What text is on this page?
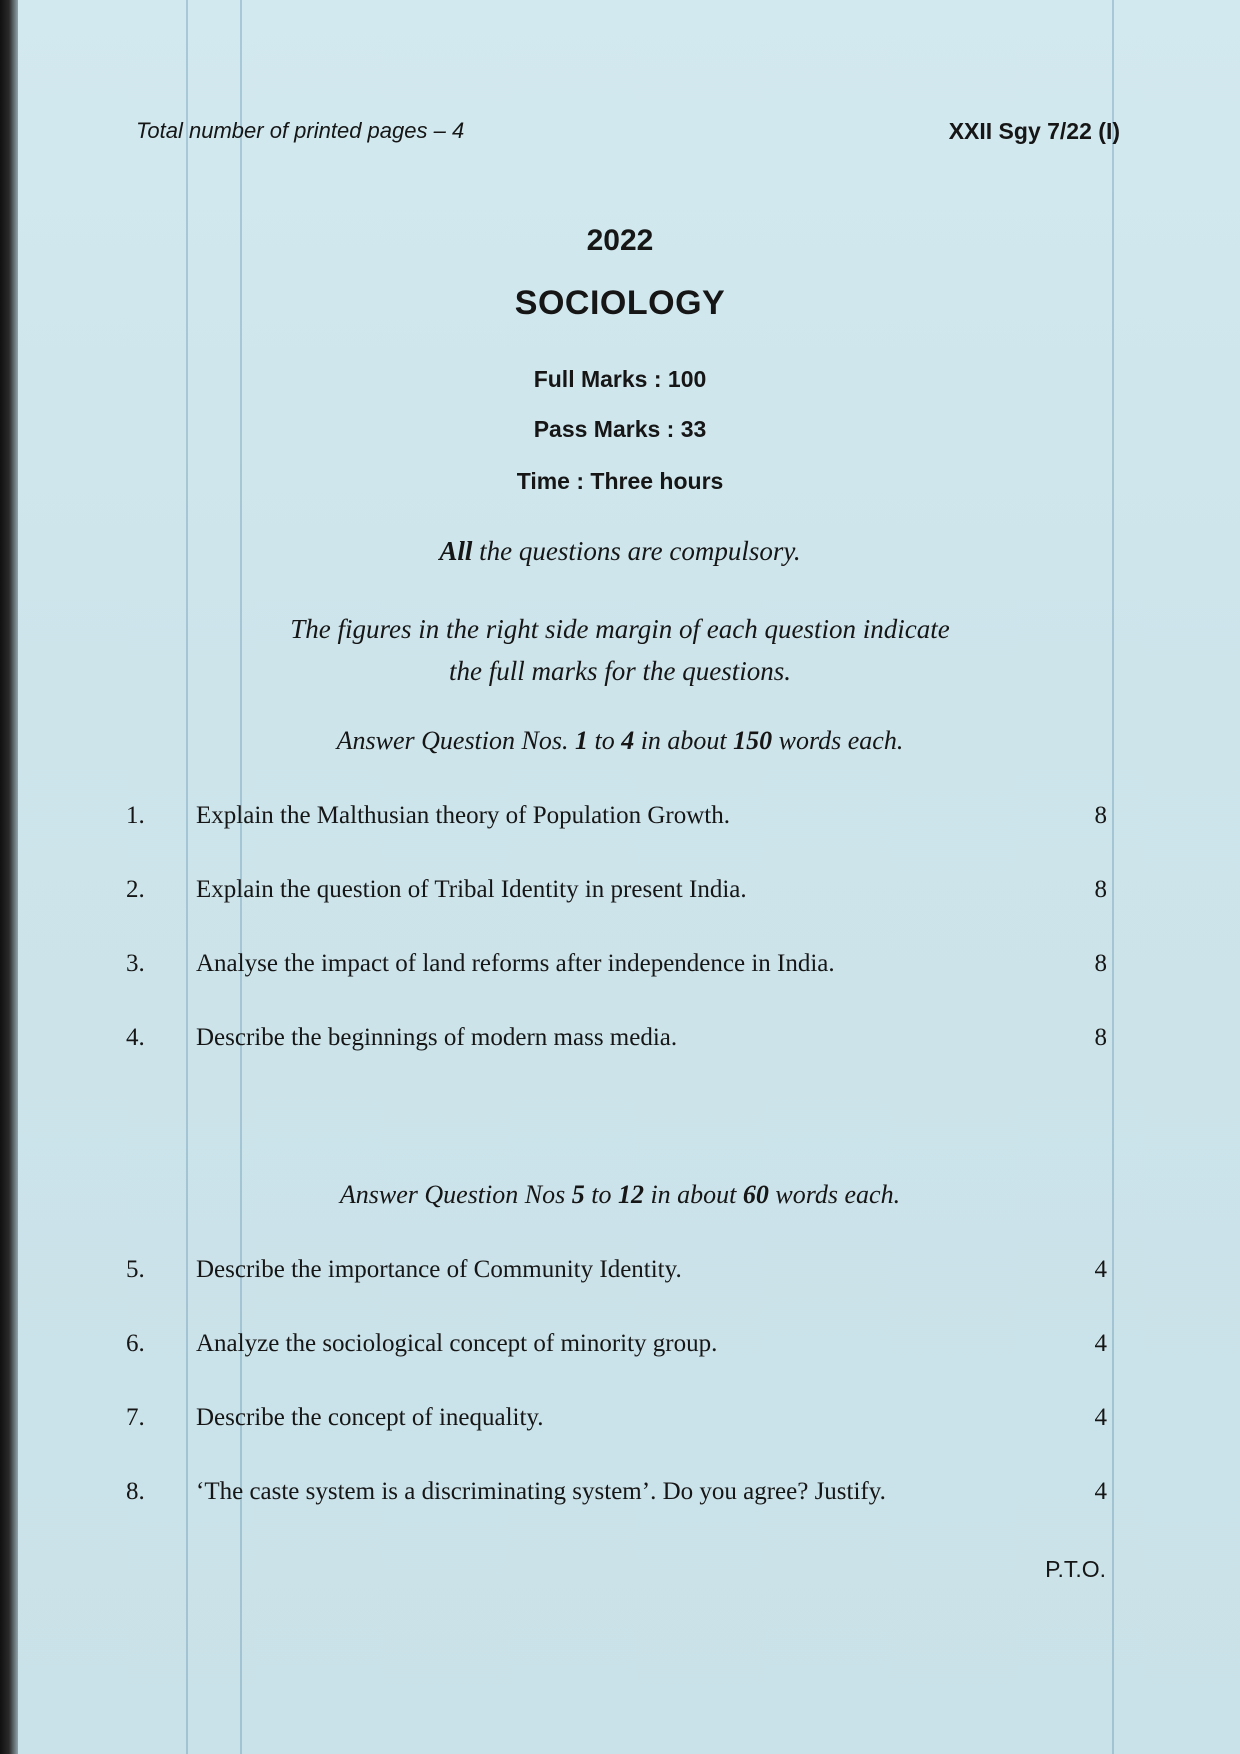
Total number of printed pages – 4	XXII Sgy 7/22 (I)
2022
SOCIOLOGY
Full Marks : 100
Pass Marks : 33
Time : Three hours
All the questions are compulsory.
The figures in the right side margin of each question indicate
the full marks for the questions.
Answer Question Nos. 1 to 4 in about 150 words each.
1. Explain the Malthusian theory of Population Growth.	8
2. Explain the question of Tribal Identity in present India.	8
3. Analyse the impact of land reforms after independence in India.	8
4. Describe the beginnings of modern mass media.	8
Answer Question Nos 5 to 12 in about 60 words each.
5. Describe the importance of Community Identity.	4
6. Analyze the sociological concept of minority group.	4
7. Describe the concept of inequality.	4
8. ‘The caste system is a discriminating system’. Do you agree? Justify.	4
P.T.O.
